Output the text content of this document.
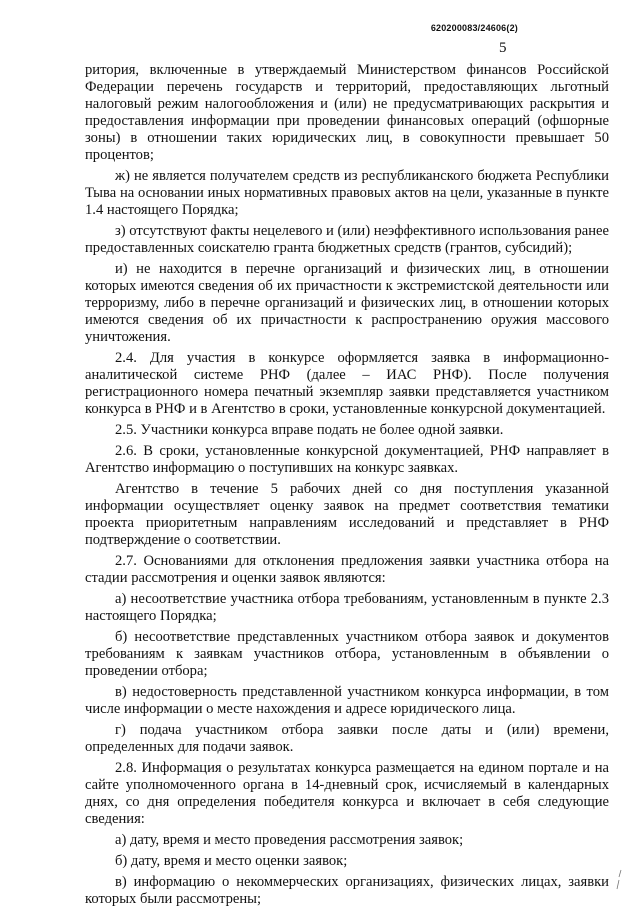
620200083/24606(2)
5

ритория, включенные в утверждаемый Министерством финансов Российской Федерации перечень государств и территорий, предоставляющих льготный налоговый режим налогообложения и (или) не предусматривающих раскрытия и предоставления информации при проведении финансовых операций (офшорные зоны) в отношении таких юридических лиц, в совокупности превышает 50 процентов;

ж) не является получателем средств из республиканского бюджета Республики Тыва на основании иных нормативных правовых актов на цели, указанные в пункте 1.4 настоящего Порядка;

з) отсутствуют факты нецелевого и (или) неэффективного использования ранее предоставленных соискателю гранта бюджетных средств (грантов, субсидий);

и) не находится в перечне организаций и физических лиц, в отношении которых имеются сведения об их причастности к экстремистской деятельности или терроризму, либо в перечне организаций и физических лиц, в отношении которых имеются сведения об их причастности к распространению оружия массового уничтожения.

2.4. Для участия в конкурсе оформляется заявка в информационно-аналитической системе РНФ (далее – ИАС РНФ). После получения регистрационного номера печатный экземпляр заявки представляется участником конкурса в РНФ и в Агентство в сроки, установленные конкурсной документацией.

2.5. Участники конкурса вправе подать не более одной заявки.

2.6. В сроки, установленные конкурсной документацией, РНФ направляет в Агентство информацию о поступивших на конкурс заявках.

Агентство в течение 5 рабочих дней со дня поступления указанной информации осуществляет оценку заявок на предмет соответствия тематики проекта приоритетным направлениям исследований и представляет в РНФ подтверждение о соответствии.

2.7. Основаниями для отклонения предложения заявки участника отбора на стадии рассмотрения и оценки заявок являются:

а) несоответствие участника отбора требованиям, установленным в пункте 2.3 настоящего Порядка;

б) несоответствие представленных участником отбора заявок и документов требованиям к заявкам участников отбора, установленным в объявлении о проведении отбора;

в) недостоверность представленной участником конкурса информации, в том числе информации о месте нахождения и адресе юридического лица.

г) подача участником отбора заявки после даты и (или) времени, определенных для подачи заявок.

2.8. Информация о результатах конкурса размещается на едином портале и на сайте уполномоченного органа в 14-дневный срок, исчисляемый в календарных днях, со дня определения победителя конкурса и включает в себя следующие сведения:

а) дату, время и место проведения рассмотрения заявок;

б) дату, время и место оценки заявок;

в) информацию о некоммерческих организациях, физических лицах, заявки которых были рассмотрены;
